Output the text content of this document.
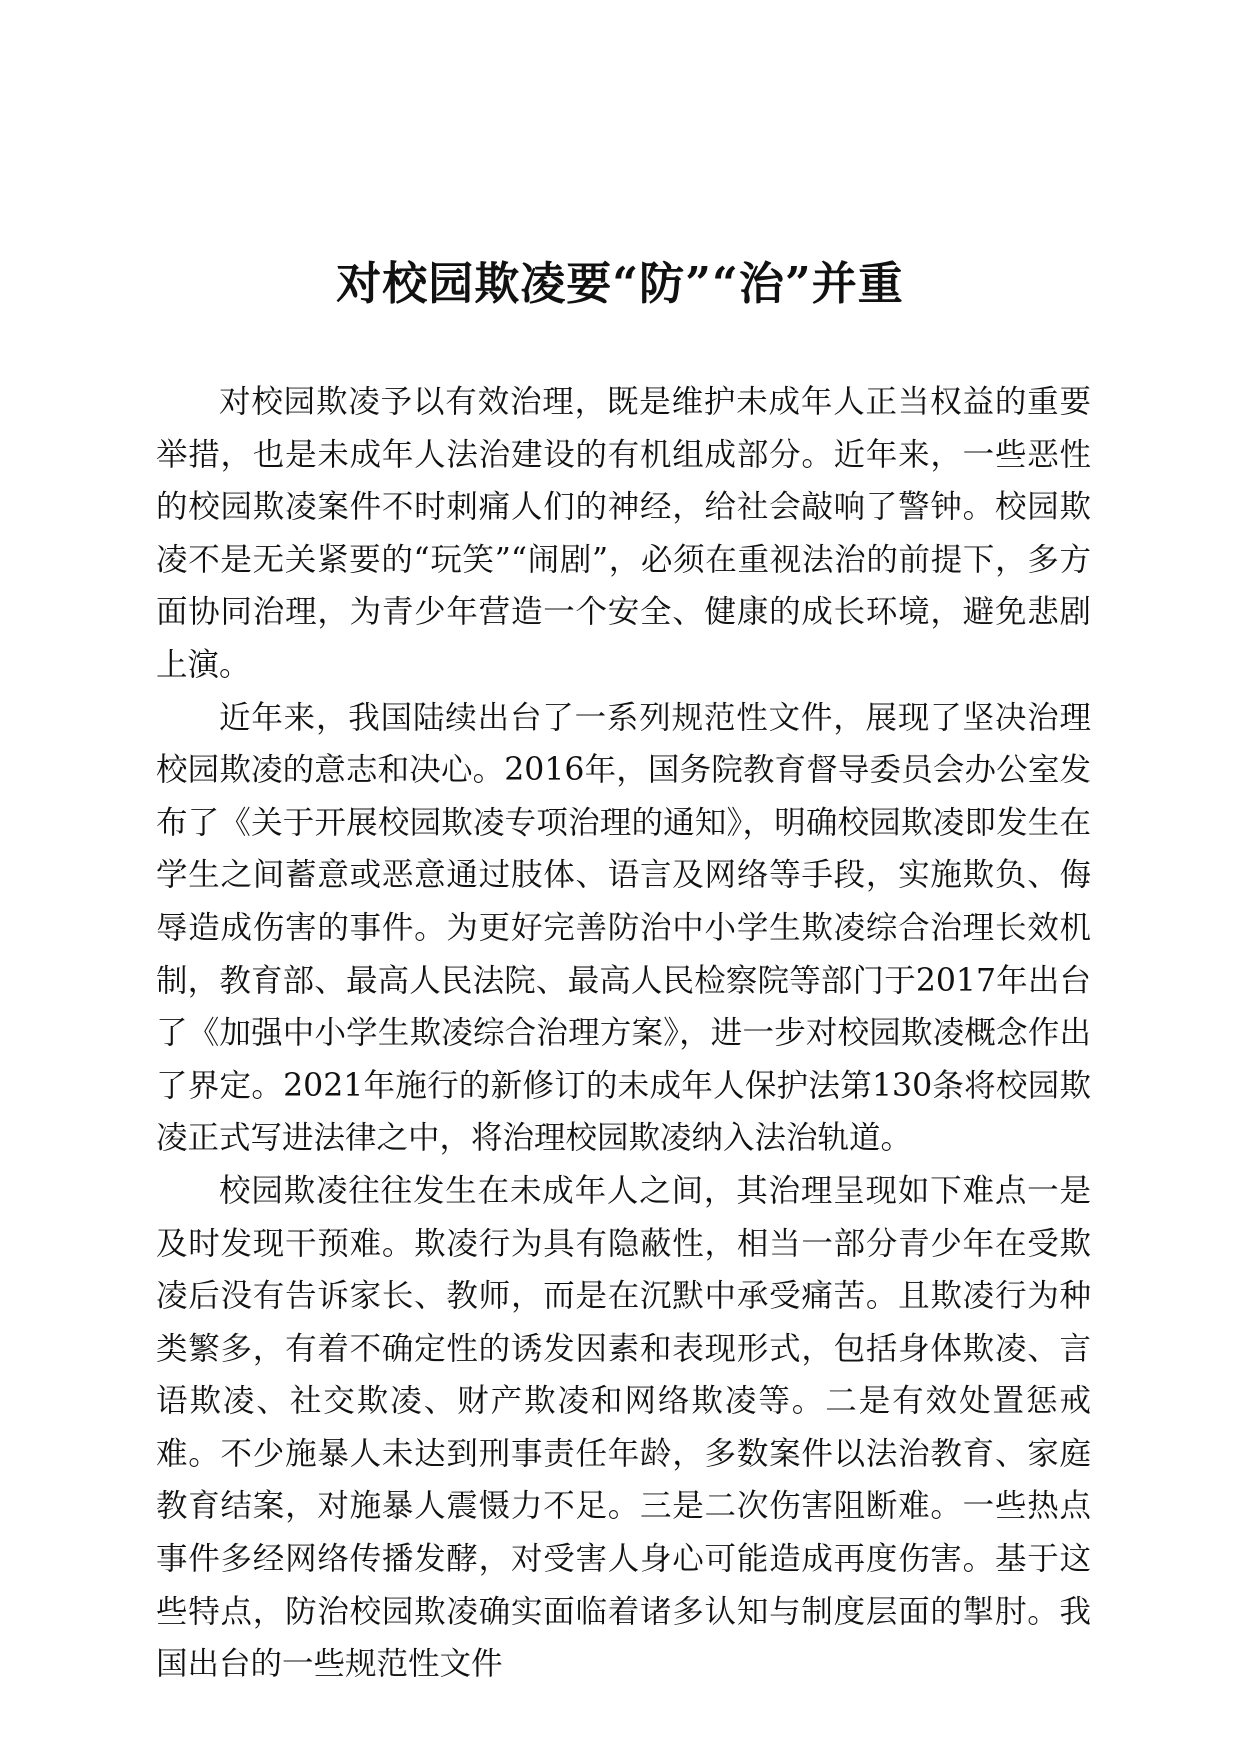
对校园欺凌要“防”“治”并重

对校园欺凌予以有效治理，既是维护未成年人正当权益的重要举措，也是未成年人法治建设的有机组成部分。近年来，一些恶性的校园欺凌案件不时刺痛人们的神经，给社会敲响了警钟。校园欺凌不是无关紧要的“玩笑”“闹剧”，必须在重视法治的前提下，多方面协同治理，为青少年营造一个安全、健康的成长环境，避免悲剧上演。

近年来，我国陆续出台了一系列规范性文件，展现了坚决治理校园欺凌的意志和决心。2016年，国务院教育督导委员会办公室发布了《关于开展校园欺凌专项治理的通知》，明确校园欺凌即发生在学生之间蓄意或恶意通过肢体、语言及网络等手段，实施欺负、侮辱造成伤害的事件。为更好完善防治中小学生欺凌综合治理长效机制，教育部、最高人民法院、最高人民检察院等部门于2017年出台了《加强中小学生欺凌综合治理方案》，进一步对校园欺凌概念作出了界定。2021年施行的新修订的未成年人保护法第130条将校园欺凌正式写进法律之中，将治理校园欺凌纳入法治轨道。

校园欺凌往往发生在未成年人之间，其治理呈现如下难点一是及时发现干预难。欺凌行为具有隐蔽性，相当一部分青少年在受欺凌后没有告诉家长、教师，而是在沉默中承受痛苦。且欺凌行为种类繁多，有着不确定性的诱发因素和表现形式，包括身体欺凌、言语欺凌、社交欺凌、财产欺凌和网络欺凌等。二是有效处置惩戒难。不少施暴人未达到刑事责任年龄，多数案件以法治教育、家庭教育结案，对施暴人震慑力不足。三是二次伤害阻断难。一些热点事件多经网络传播发酵，对受害人身心可能造成再度伤害。基于这些特点，防治校园欺凌确实面临着诸多认知与制度层面的掣肘。我国出台的一些规范性文件
